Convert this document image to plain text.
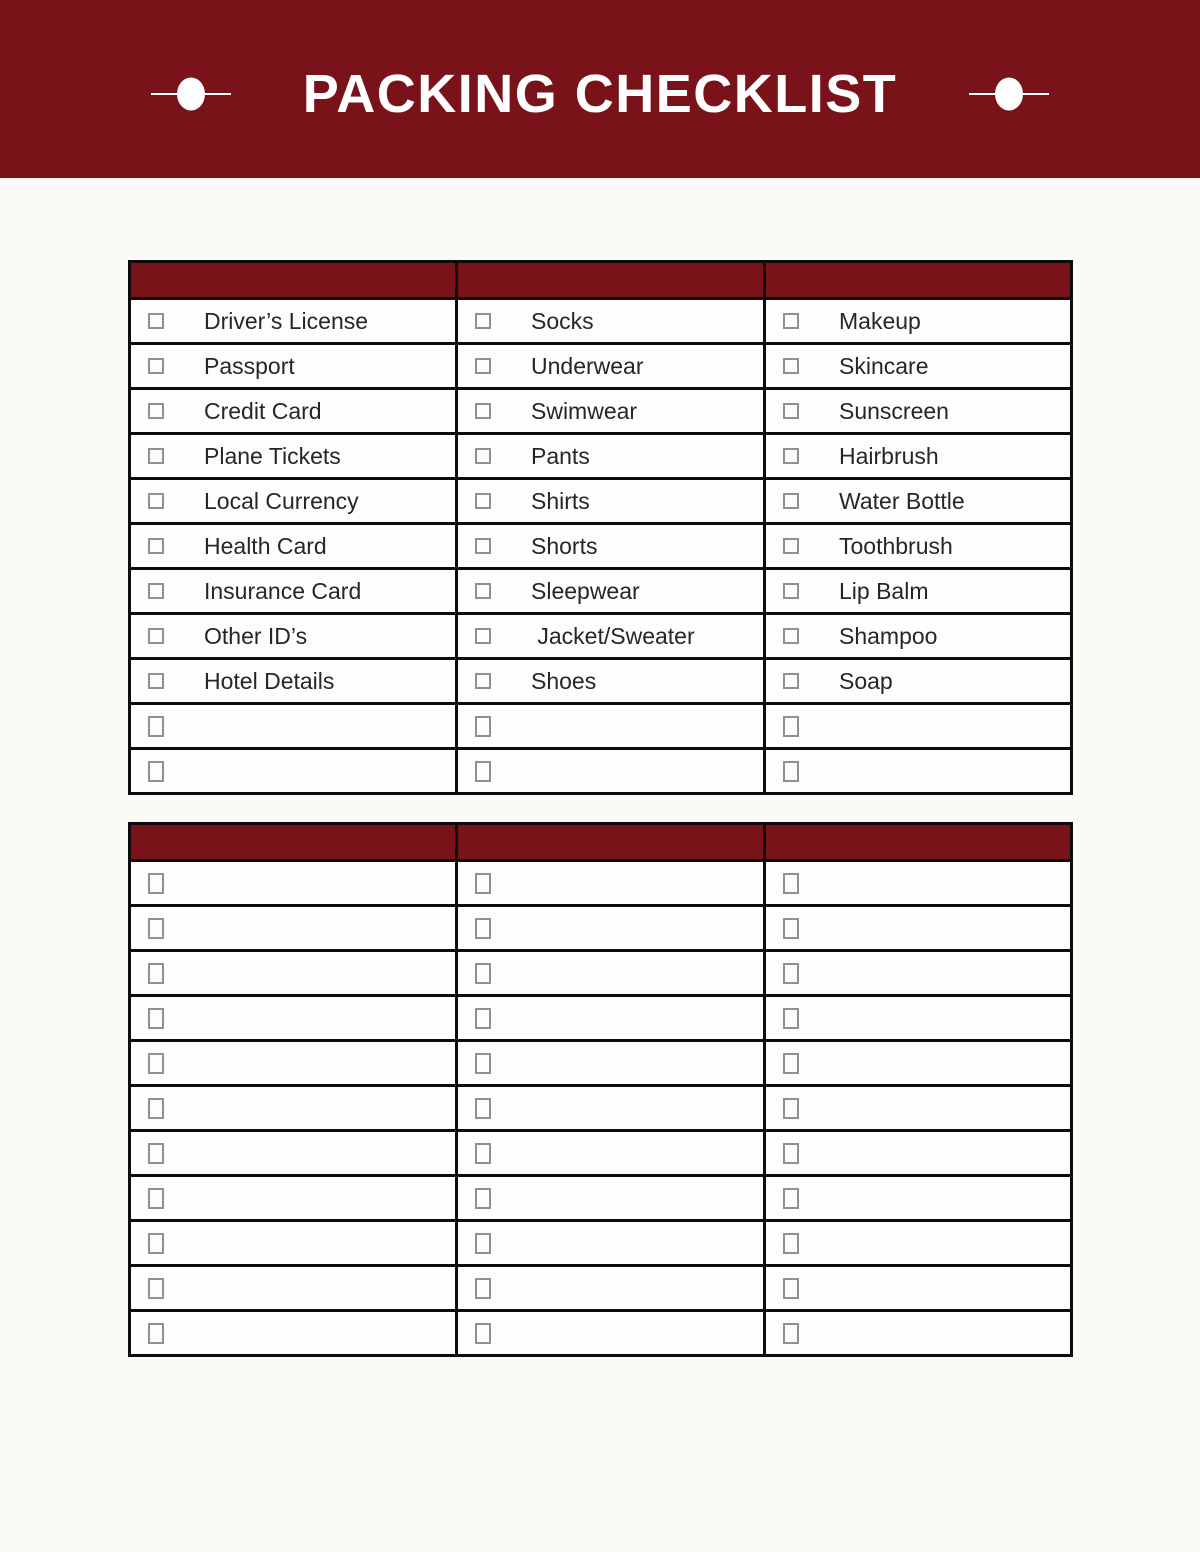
PACKING CHECKLIST

Driver’s License	Socks	Makeup

Passport	Underwear	Skincare

Credit Card	Swimwear	Sunscreen

Plane Tickets	Pants	Hairbrush

Local Currency	Shirts	Water Bottle

Health Card	Shorts	Toothbrush

Insurance Card	Sleepwear	Lip Balm

Other ID’s	Jacket/Sweater	Shampoo

Hotel Details	Shoes	Soap
